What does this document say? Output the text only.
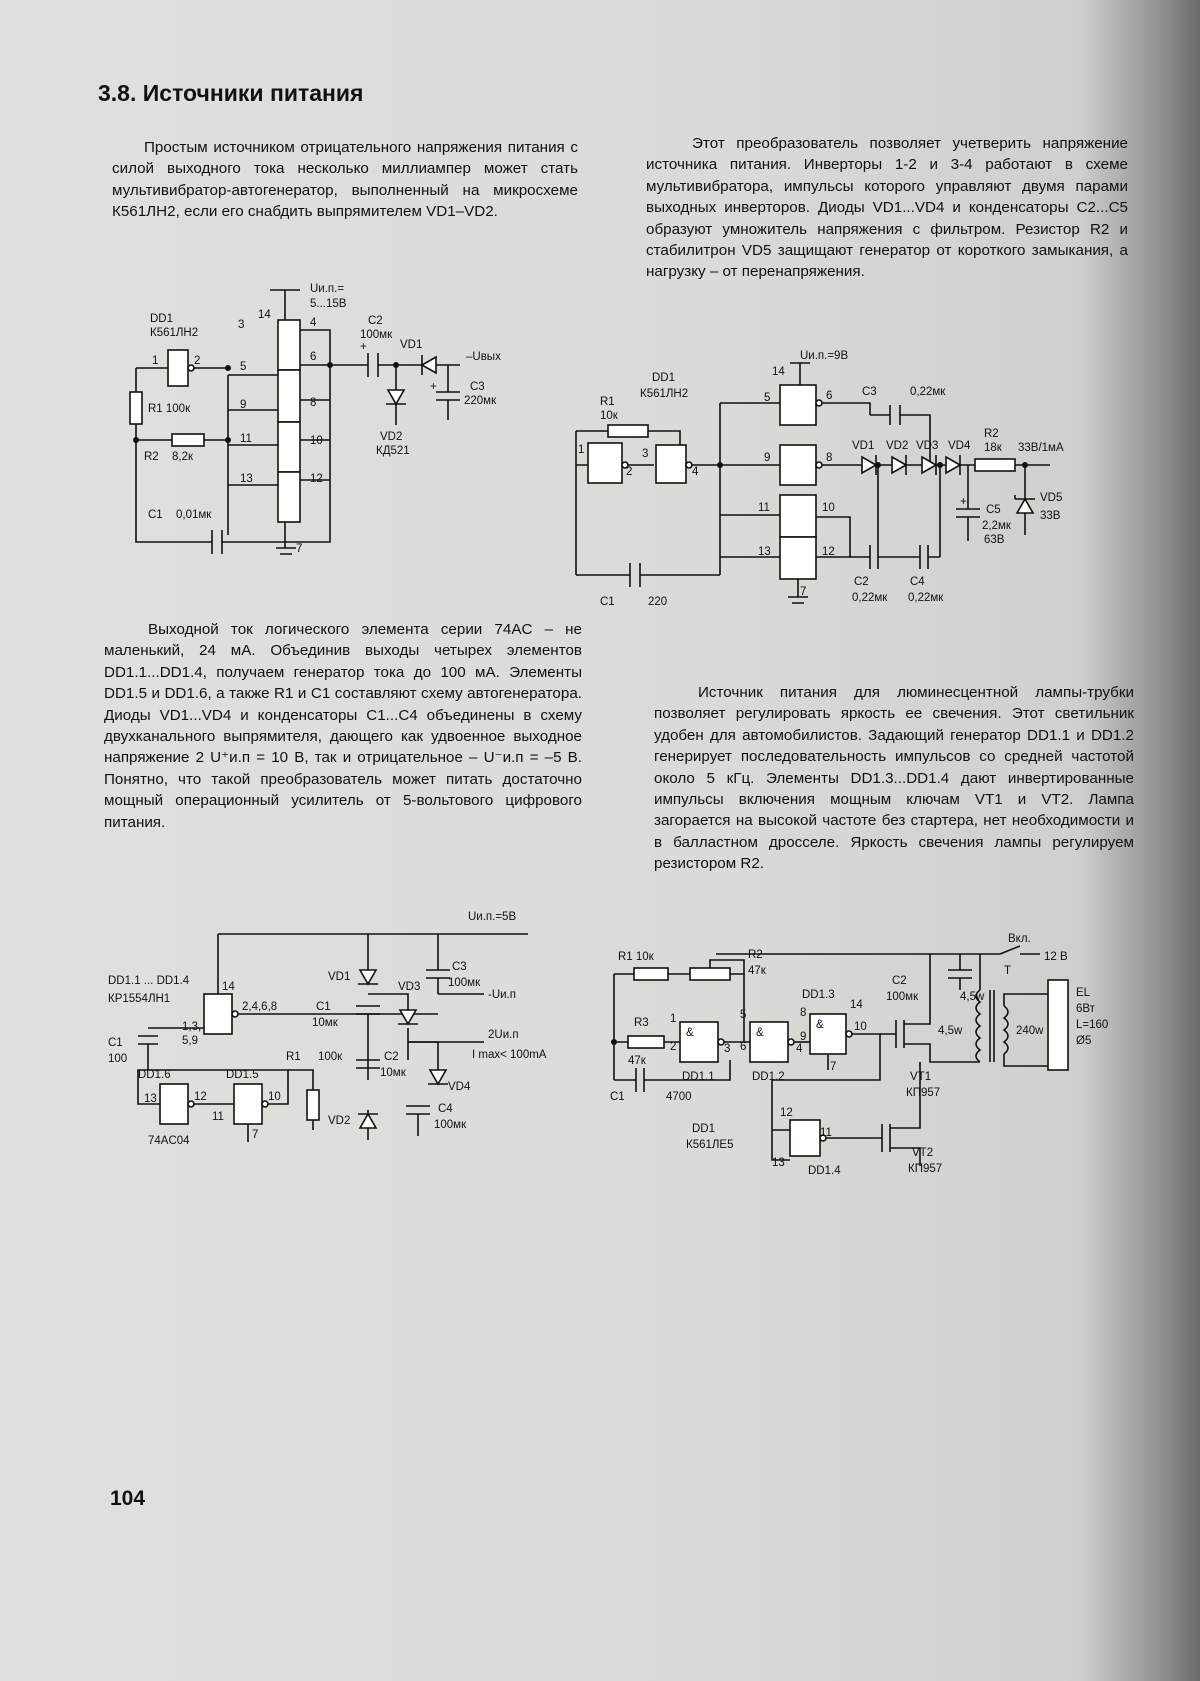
3.8. Источники питания

Простым источником отрицательного напряжения питания с силой выходного тока несколько миллиампер может стать мультивибратор-автогенератор, выполненный на микросхеме К561ЛН2, если его снабдить выпрямителем VD1–VD2.

Этот преобразователь позволяет учетверить напряжение источника питания. Инверторы 1-2 и 3-4 работают в схеме мультивибратора, импульсы которого управляют двумя парами выходных инверторов. Диоды VD1...VD4 и конденсаторы C2...C5 образуют умножитель напряжения с фильтром. Резистор R2 и стабилитрон VD5 защищают генератор от короткого замыкания, а нагрузку – от перенапряжения.

Выходной ток логического элемента серии 74AC – не маленький, 24 мА. Объединив выходы четырех элементов DD1.1...DD1.4, получаем генератор тока до 100 мА. Элементы DD1.5 и DD1.6, а также R1 и C1 составляют схему автогенератора. Диоды VD1...VD4 и конденсаторы C1...C4 объединены в схему двухканального выпрямителя, дающего как удвоенное выходное напряжение 2 U⁺и.п = 10 В, так и отрицательное – U⁻и.п = –5 В. Понятно, что такой преобразователь может питать достаточно мощный операционный усилитель от 5-вольтового цифрового питания.

Источник питания для люминесцентной лампы-трубки позволяет регулировать яркость ее свечения. Этот светильник удобен для автомобилистов. Задающий генератор DD1.1 и DD1.2 генерирует последовательность импульсов со средней частотой около 5 кГц. Элементы DD1.3...DD1.4 дают инвертированные импульсы включения мощным ключам VT1 и VT2. Лампа загорается на высокой частоте без стартера, нет необходимости и в балластном дросселе. Яркость свечения лампы регулируем резистором R2.

Uи.п.=
5...15В
14
7
3
5
9
11
13
4
6
8
10
12
DD1
К561ЛН2
1	2
R1 100к
R2 8,2к
C1 0,01мк
+
C2
100мк
VD1
–Uвых
VD2
КД521
+	C3
220мк
Uи.п.=9В
14
5	6	C3	0,22мк
R1
10к
DD1
К561ЛН2
1
2
3
4
9	8
11	10
13	12
7
C1	220
VD1 VD2 VD3 VD4
C2
0,22мк
C4
0,22мк
R2
18к 33В/1мА
+
C5
2,2мк
63В
VD5
33В
Uи.п.=5В
DD1.1 ... DD1.4
КР1554ЛН1
14
2,4,6,8
1,3,
5,9
C1
100
DD1.6	DD1.5
13	12
11
10
7
74AC04
R1 100к
VD1
C1
10мк
C2
10мк
VD2
VD3
VD4
C3
100мк
-Uи.п
2Uи.п
I max< 100mA
C4
100мк
Вкл.
12 В
R1 10к	R2
47к
R3
47к
C1	4700
&
1
2	3
DD1.1
&
5
6	4
DD1.2
DD1.3
&
8
9
10
14
7
C2
100мк
VT1
КП957
12
11
13
DD1.4
DD1
К561ЛЕ5
VT2
КП957
T
4,5w
4,5w	240w
EL
6Вт
L=160
Ø5
104
